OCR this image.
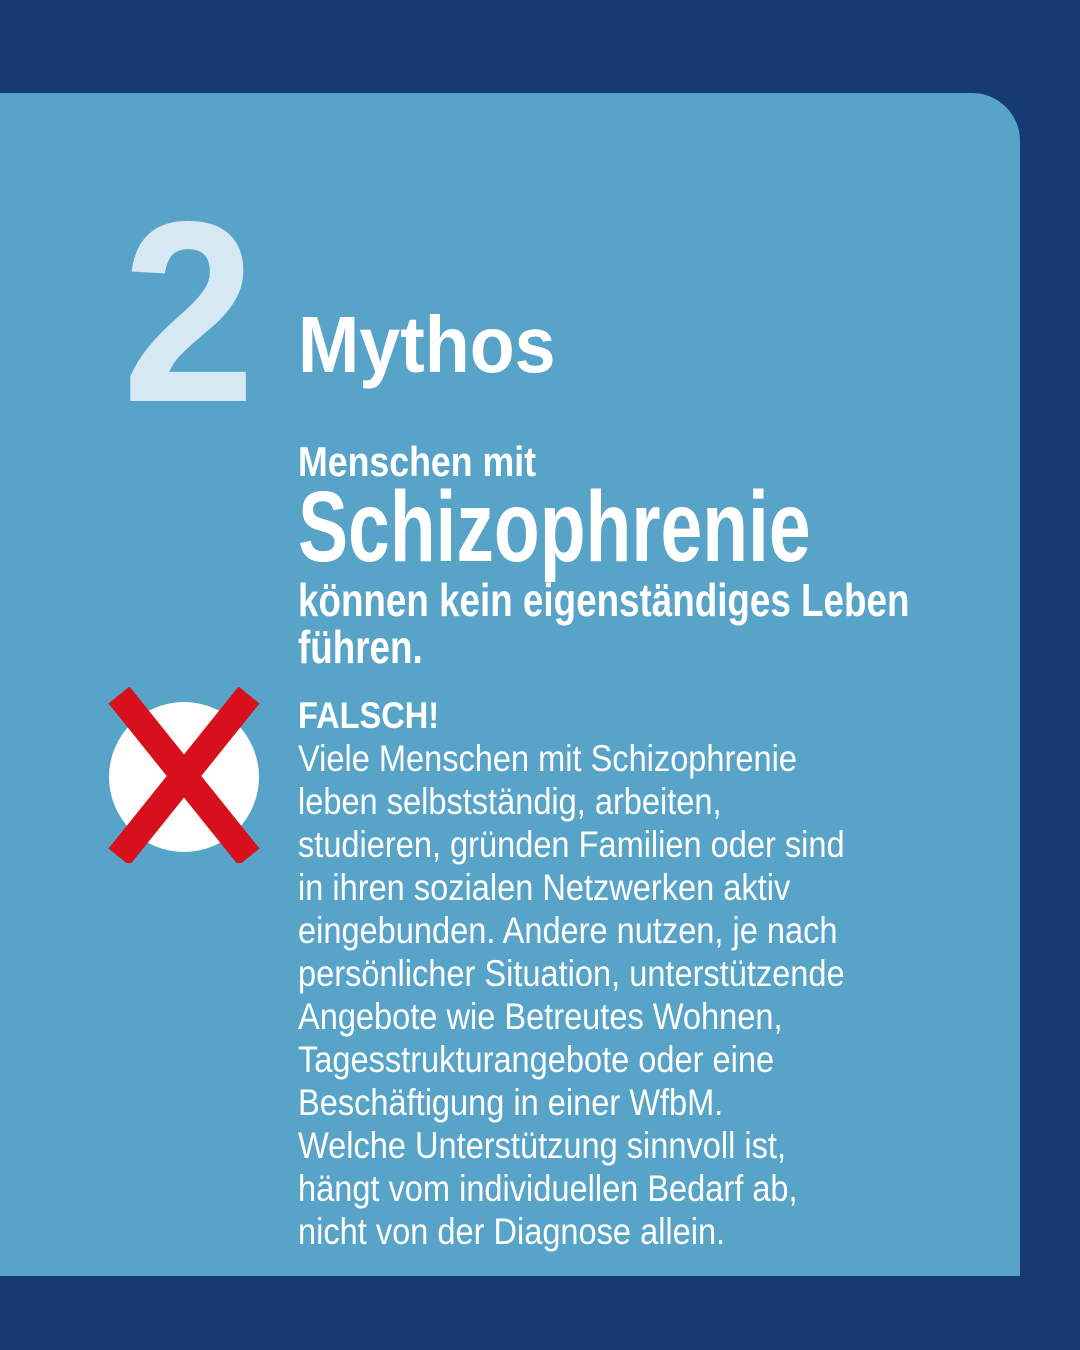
2 Mythos
Menschen mit
Schizophrenie
können kein eigenständiges Leben
führen.
FALSCH!
Viele Menschen mit Schizophrenie
leben selbstständig, arbeiten,
studieren, gründen Familien oder sind
in ihren sozialen Netzwerken aktiv
eingebunden. Andere nutzen, je nach
persönlicher Situation, unterstützende
Angebote wie Betreutes Wohnen,
Tagesstrukturangebote oder eine
Beschäftigung in einer WfbM.
Welche Unterstützung sinnvoll ist,
hängt vom individuellen Bedarf ab,
nicht von der Diagnose allein.
